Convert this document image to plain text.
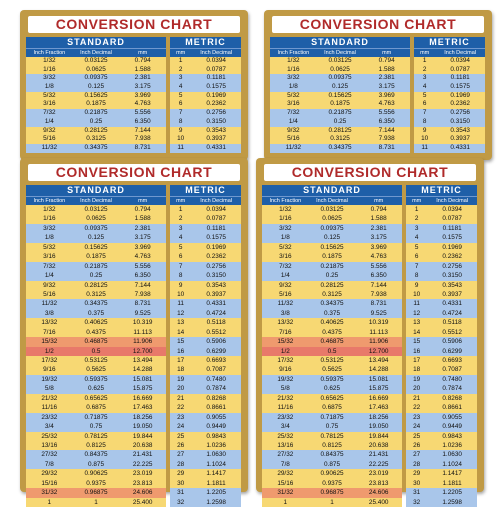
CONVERSION CHART
STANDARD
Inch Fraction	Inch Decimal	mm
1/32	0.03125	0.794
1/16	0.0625	1.588
3/32	0.09375	2.381
1/8	0.125	3.175
5/32	0.15625	3.969
3/16	0.1875	4.763
7/32	0.21875	5.556
1/4	0.25	6.350
9/32	0.28125	7.144
5/16	0.3125	7.938
11/32	0.34375	8.731
METRIC
mm	Inch Decimal
1	0.0394
2	0.0787
3	0.1181
4	0.1575
5	0.1969
6	0.2362
7	0.2756
8	0.3150
9	0.3543
10	0.3937
11	0.4331
CONVERSION CHART
STANDARD
Inch Fraction	Inch Decimal	mm
1/32	0.03125	0.794
1/16	0.0625	1.588
3/32	0.09375	2.381
1/8	0.125	3.175
5/32	0.15625	3.969
3/16	0.1875	4.763
7/32	0.21875	5.556
1/4	0.25	6.350
9/32	0.28125	7.144
5/16	0.3125	7.938
11/32	0.34375	8.731
METRIC
mm	Inch Decimal
1	0.0394
2	0.0787
3	0.1181
4	0.1575
5	0.1969
6	0.2362
7	0.2756
8	0.3150
9	0.3543
10	0.3937
11	0.4331
CONVERSION CHART
STANDARD
Inch Fraction	Inch Decimal	mm
1/32	0.03125	0.794
1/16	0.0625	1.588
3/32	0.09375	2.381
1/8	0.125	3.175
5/32	0.15625	3.969
3/16	0.1875	4.763
7/32	0.21875	5.556
1/4	0.25	6.350
9/32	0.28125	7.144
5/16	0.3125	7.938
11/32	0.34375	8.731
3/8	0.375	9.525
13/32	0.40625	10.319
7/16	0.4375	11.113
15/32	0.46875	11.906
1/2	0.5	12.700
17/32	0.53125	13.494
9/16	0.5625	14.288
19/32	0.59375	15.081
5/8	0.625	15.875
21/32	0.65625	16.669
11/16	0.6875	17.463
23/32	0.71875	18.256
3/4	0.75	19.050
25/32	0.78125	19.844
13/16	0.8125	20.638
27/32	0.84375	21.431
7/8	0.875	22.225
29/32	0.90625	23.019
15/16	0.9375	23.813
31/32	0.96875	24.606
1	1	25.400
METRIC
mm	Inch Decimal
1	0.0394
2	0.0787
3	0.1181
4	0.1575
5	0.1969
6	0.2362
7	0.2756
8	0.3150
9	0.3543
10	0.3937
11	0.4331
12	0.4724
13	0.5118
14	0.5512
15	0.5906
16	0.6299
17	0.6693
18	0.7087
19	0.7480
20	0.7874
21	0.8268
22	0.8661
23	0.9055
24	0.9449
25	0.9843
26	1.0236
27	1.0630
28	1.1024
29	1.1417
30	1.1811
31	1.2205
32	1.2598
CONVERSION CHART
STANDARD
Inch Fraction	Inch Decimal	mm
1/32	0.03125	0.794
1/16	0.0625	1.588
3/32	0.09375	2.381
1/8	0.125	3.175
5/32	0.15625	3.969
3/16	0.1875	4.763
7/32	0.21875	5.556
1/4	0.25	6.350
9/32	0.28125	7.144
5/16	0.3125	7.938
11/32	0.34375	8.731
3/8	0.375	9.525
13/32	0.40625	10.319
7/16	0.4375	11.113
15/32	0.46875	11.906
1/2	0.5	12.700
17/32	0.53125	13.494
9/16	0.5625	14.288
19/32	0.59375	15.081
5/8	0.625	15.875
21/32	0.65625	16.669
11/16	0.6875	17.463
23/32	0.71875	18.256
3/4	0.75	19.050
25/32	0.78125	19.844
13/16	0.8125	20.638
27/32	0.84375	21.431
7/8	0.875	22.225
29/32	0.90625	23.019
15/16	0.9375	23.813
31/32	0.96875	24.606
1	1	25.400
METRIC
mm	Inch Decimal
1	0.0394
2	0.0787
3	0.1181
4	0.1575
5	0.1969
6	0.2362
7	0.2756
8	0.3150
9	0.3543
10	0.3937
11	0.4331
12	0.4724
13	0.5118
14	0.5512
15	0.5906
16	0.6299
17	0.6693
18	0.7087
19	0.7480
20	0.7874
21	0.8268
22	0.8661
23	0.9055
24	0.9449
25	0.9843
26	1.0236
27	1.0630
28	1.1024
29	1.1417
30	1.1811
31	1.2205
32	1.2598
